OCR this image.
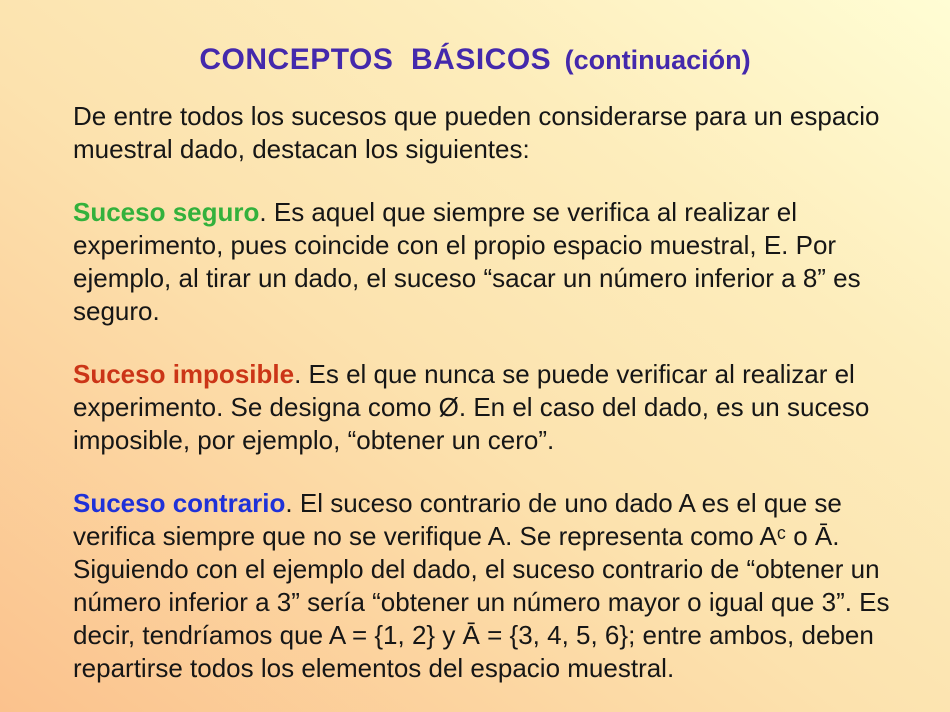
CONCEPTOS  BÁSICOS (continuación)

De entre todos los sucesos que pueden considerarse para un espacio muestral dado, destacan los siguientes:

Suceso seguro. Es aquel que siempre se verifica al realizar el experimento, pues coincide con el propio espacio muestral, E. Por ejemplo, al tirar un dado, el suceso “sacar un número inferior a 8” es seguro.

Suceso imposible. Es el que nunca se puede verificar al realizar el experimento. Se designa como Ø. En el caso del dado, es un suceso imposible, por ejemplo, “obtener un cero”.

Suceso contrario. El suceso contrario de uno dado A es el que se verifica siempre que no se verifique A. Se representa como Aᶜ o Ā. Siguiendo con el ejemplo del dado, el suceso contrario de “obtener un número inferior a 3” sería “obtener un número mayor o igual que 3”. Es decir, tendríamos que A = {1, 2} y Ā = {3, 4, 5, 6}; entre ambos, deben repartirse todos los elementos del espacio muestral.
